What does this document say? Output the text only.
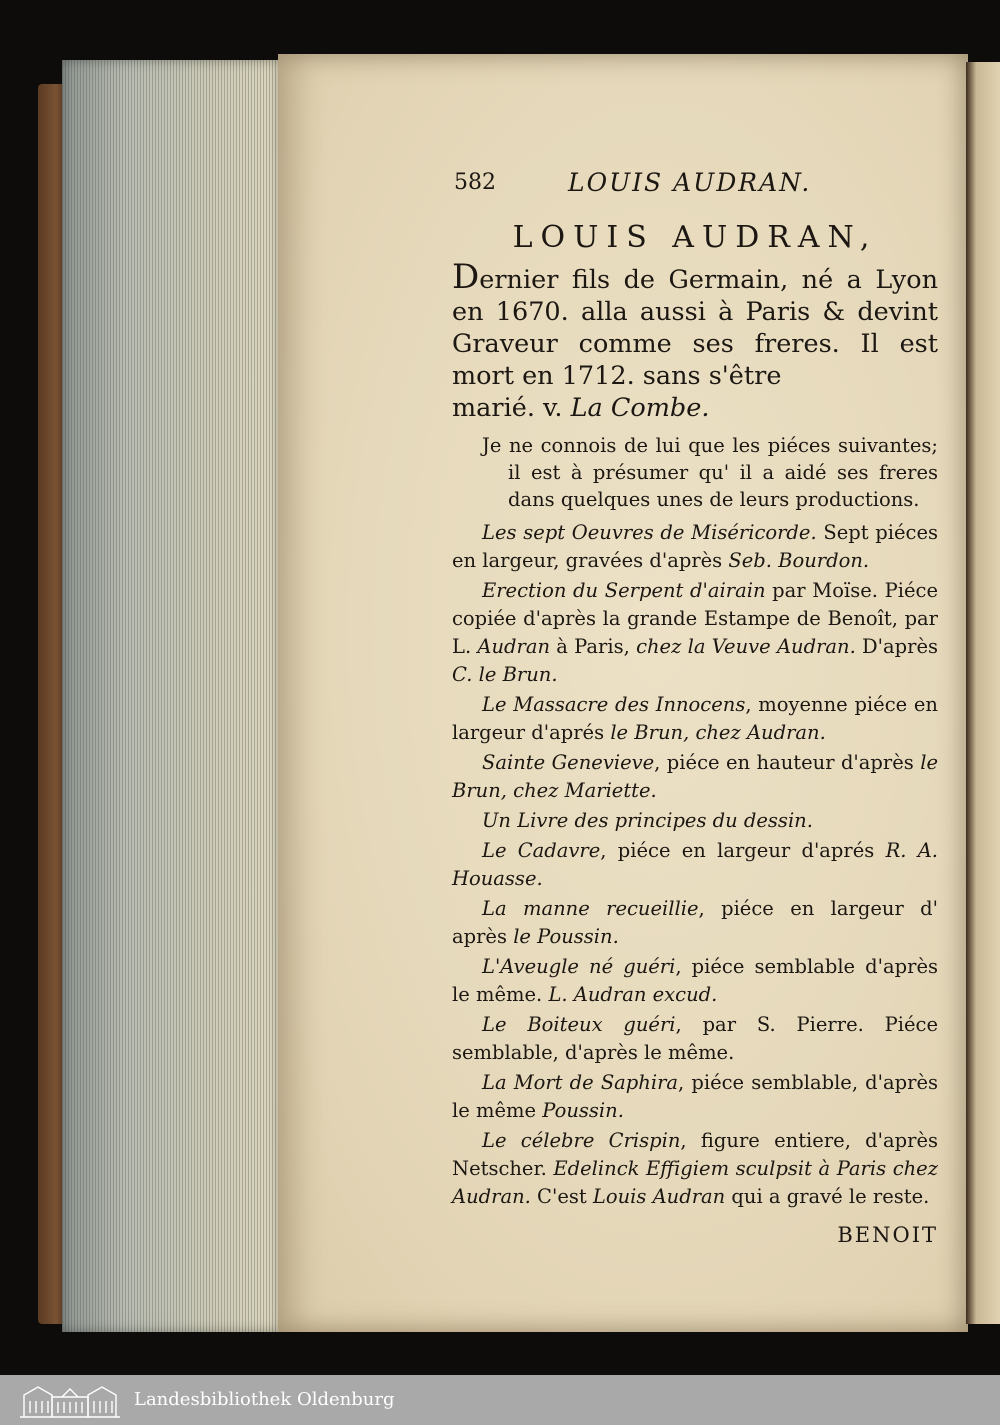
582	LOUIS AUDRAN.
LOUIS AUDRAN,

Dernier fils de Germain, né a Lyon en 1670. alla aussi à Paris & devint Graveur comme ses freres. Il est mort en 1712. sans s'être

marié. v. La Combe.

Je ne connois de lui que les piéces suivantes; il est à présumer qu' il a aidé ses freres dans quelques unes de leurs productions.

Les sept Oeuvres de Miséricorde. Sept piéces en largeur, gravées d'après Seb. Bourdon.

Erection du Serpent d'airain par Moïse. Piéce copiée d'après la grande Estampe de Benoît, par L. Audran à Paris, chez la Veuve Audran. D'après C. le Brun.

Le Massacre des Innocens, moyenne piéce en largeur d'aprés le Brun, chez Audran.

Sainte Genevieve, piéce en hauteur d'après le Brun, chez Mariette.

Un Livre des principes du dessin.

Le Cadavre, piéce en largeur d'aprés R. A. Houasse.

La manne recueillie, piéce en largeur d' après le Poussin.

L'Aveugle né guéri, piéce semblable d'après le même. L. Audran excud.

Le Boiteux guéri, par S. Pierre. Piéce semblable, d'après le même.

La Mort de Saphira, piéce semblable, d'après le même Poussin.

Le célebre Crispin, figure entiere, d'après Netscher. Edelinck Effigiem sculpsit à Paris chez Audran. C'est Louis Audran qui a gravé le reste.

BENOIT
Landesbibliothek Oldenburg
